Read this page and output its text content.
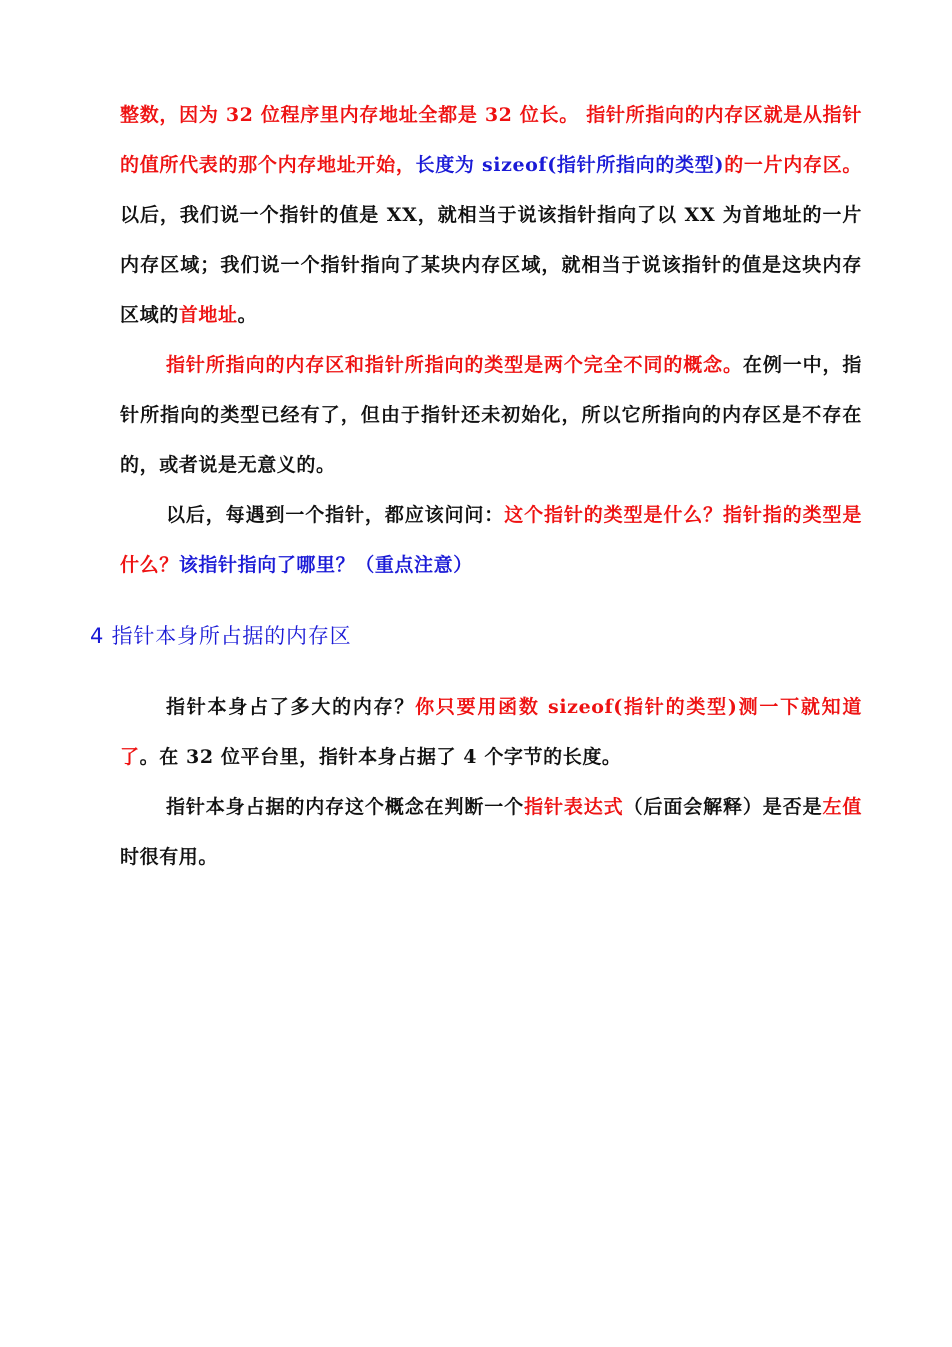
整数，因为 32 位程序里内存地址全都是 32 位长。 指针所指向的内存区就是从指针的值所代表的那个内存地址开始，长度为 sizeof(指针所指向的类型)的一片内存区。以后，我们说一个指针的值是 XX，就相当于说该指针指向了以 XX 为首地址的一片内存区域；我们说一个指针指向了某块内存区域，就相当于说该指针的值是这块内存区域的首地址。

指针所指向的内存区和指针所指向的类型是两个完全不同的概念。在例一中，指针所指向的类型已经有了，但由于指针还未初始化，所以它所指向的内存区是不存在的，或者说是无意义的。

以后，每遇到一个指针，都应该问问：这个指针的类型是什么？指针指的类型是什么？该指针指向了哪里？（重点注意）

4 指针本身所占据的内存区

指针本身占了多大的内存？你只要用函数 sizeof(指针的类型)测一下就知道了。在 32 位平台里，指针本身占据了 4 个字节的长度。

指针本身占据的内存这个概念在判断一个指针表达式（后面会解释）是否是左值时很有用。
